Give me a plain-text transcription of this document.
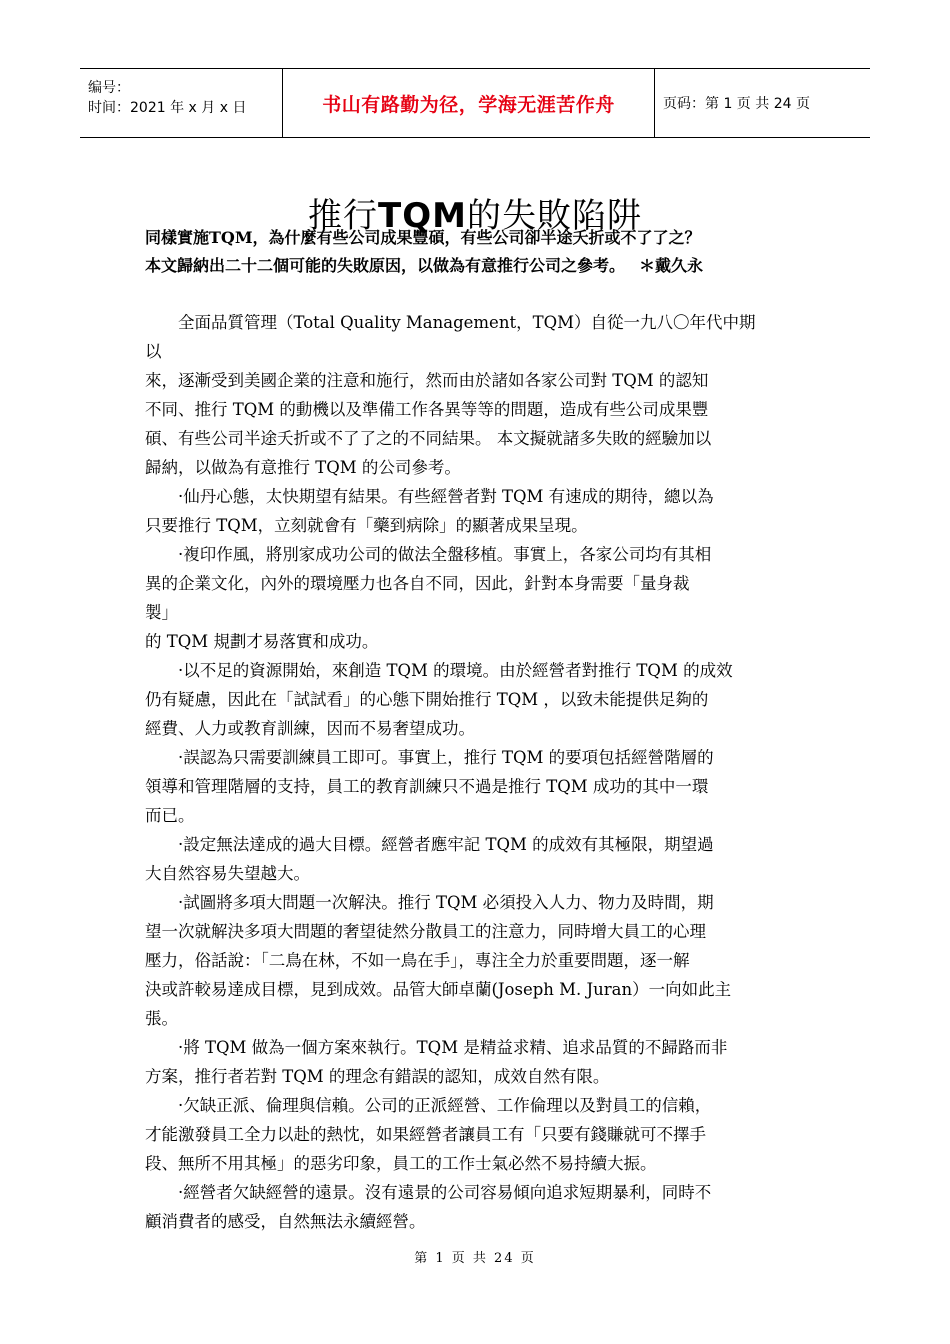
编号：
时间：2021 年 x 月 x 日	书山有路勤为径，学海无涯苦作舟	页码：第 1 页 共 24 页
推行TQM的失敗陷阱
同樣實施TQM，為什麼有些公司成果豐碩，有些公司卻半途夭折或不了了之？
本文歸納出二十二個可能的失敗原因，以做為有意推行公司之參考。 ＊戴久永

　　全面品質管理（Total Quality Management，TQM）自從一九八〇年代中期
以
來，逐漸受到美國企業的注意和施行，然而由於諸如各家公司對 TQM 的認知
不同、推行 TQM 的動機以及準備工作各異等等的問題，造成有些公司成果豐
碩、有些公司半途夭折或不了了之的不同結果。 本文擬就諸多失敗的經驗加以
歸納，以做為有意推行 TQM 的公司參考。

　　·仙丹心態，太快期望有結果。有些經營者對 TQM 有速成的期待，總以為
只要推行 TQM，立刻就會有「藥到病除」的顯著成果呈現。

　　·複印作風，將別家成功公司的做法全盤移植。事實上，各家公司均有其相
異的企業文化，內外的環境壓力也各自不同，因此，針對本身需要「量身裁
製」
的 TQM 規劃才易落實和成功。

　　·以不足的資源開始，來創造 TQM 的環境。由於經營者對推行 TQM 的成效
仍有疑慮，因此在「試試看」的心態下開始推行 TQM ，以致未能提供足夠的
經費、人力或教育訓練，因而不易奢望成功。

　　·誤認為只需要訓練員工即可。事實上，推行 TQM 的要項包括經營階層的
領導和管理階層的支持，員工的教育訓練只不過是推行 TQM 成功的其中一環
而已。

　　·設定無法達成的過大目標。經營者應牢記 TQM 的成效有其極限，期望過
大自然容易失望越大。

　　·試圖將多項大問題一次解決。推行 TQM 必須投入人力、物力及時間，期
望一次就解決多項大問題的奢望徒然分散員工的注意力，同時增大員工的心理
壓力，俗話說：「二鳥在林，不如一鳥在手」，專注全力於重要問題，逐一解
決或許較易達成目標，見到成效。品管大師卓蘭(Joseph M. Juran）一向如此主
張。

　　·將 TQM 做為一個方案來執行。TQM 是精益求精、追求品質的不歸路而非
方案，推行者若對 TQM 的理念有錯誤的認知，成效自然有限。

　　·欠缺正派、倫理與信賴。公司的正派經營、工作倫理以及對員工的信賴，
才能激發員工全力以赴的熱忱，如果經營者讓員工有「只要有錢賺就可不擇手
段、無所不用其極」的惡劣印象，員工的工作士氣必然不易持續大振。

　　·經營者欠缺經營的遠景。沒有遠景的公司容易傾向追求短期暴利，同時不
顧消費者的感受，自然無法永續經營。

第 1 页 共 24 页
